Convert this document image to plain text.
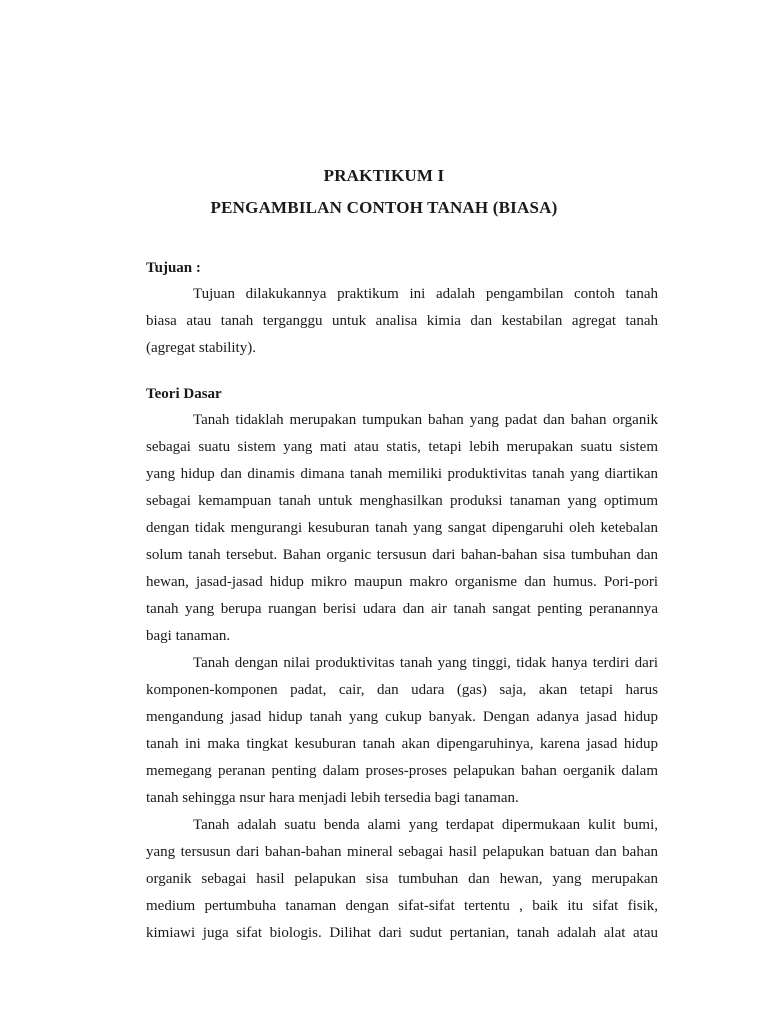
PRAKTIKUM I
PENGAMBILAN CONTOH TANAH (BIASA)
Tujuan :
Tujuan dilakukannya praktikum ini adalah pengambilan contoh tanah
biasa atau tanah terganggu untuk analisa kimia dan kestabilan agregat tanah
(agregat stability).
Teori Dasar
Tanah tidaklah merupakan tumpukan bahan yang padat dan bahan organik
sebagai suatu sistem yang mati atau statis, tetapi lebih merupakan suatu sistem
yang hidup dan dinamis dimana tanah memiliki produktivitas tanah yang diartikan
sebagai kemampuan tanah untuk menghasilkan produksi tanaman yang optimum
dengan tidak mengurangi kesuburan tanah yang sangat dipengaruhi oleh ketebalan
solum tanah tersebut. Bahan organic tersusun dari bahan-bahan sisa tumbuhan dan
hewan, jasad-jasad hidup mikro maupun makro organisme dan humus. Pori-pori
tanah yang berupa ruangan berisi udara dan air tanah sangat penting peranannya
bagi tanaman.
Tanah dengan nilai produktivitas tanah yang tinggi, tidak hanya terdiri dari
komponen-komponen padat, cair, dan udara (gas) saja, akan tetapi harus
mengandung jasad hidup tanah yang cukup banyak. Dengan adanya jasad hidup
tanah ini maka tingkat kesuburan tanah akan dipengaruhinya, karena jasad hidup
memegang peranan penting dalam proses-proses pelapukan bahan oerganik dalam
tanah sehingga nsur hara menjadi lebih tersedia bagi tanaman.
Tanah adalah suatu benda alami yang terdapat dipermukaan kulit bumi,
yang tersusun dari bahan-bahan mineral sebagai hasil pelapukan batuan dan bahan
organik sebagai hasil pelapukan sisa tumbuhan dan hewan, yang merupakan
medium pertumbuha tanaman dengan sifat-sifat tertentu , baik itu sifat fisik,
kimiawi juga sifat biologis. Dilihat dari sudut pertanian, tanah adalah alat atau
